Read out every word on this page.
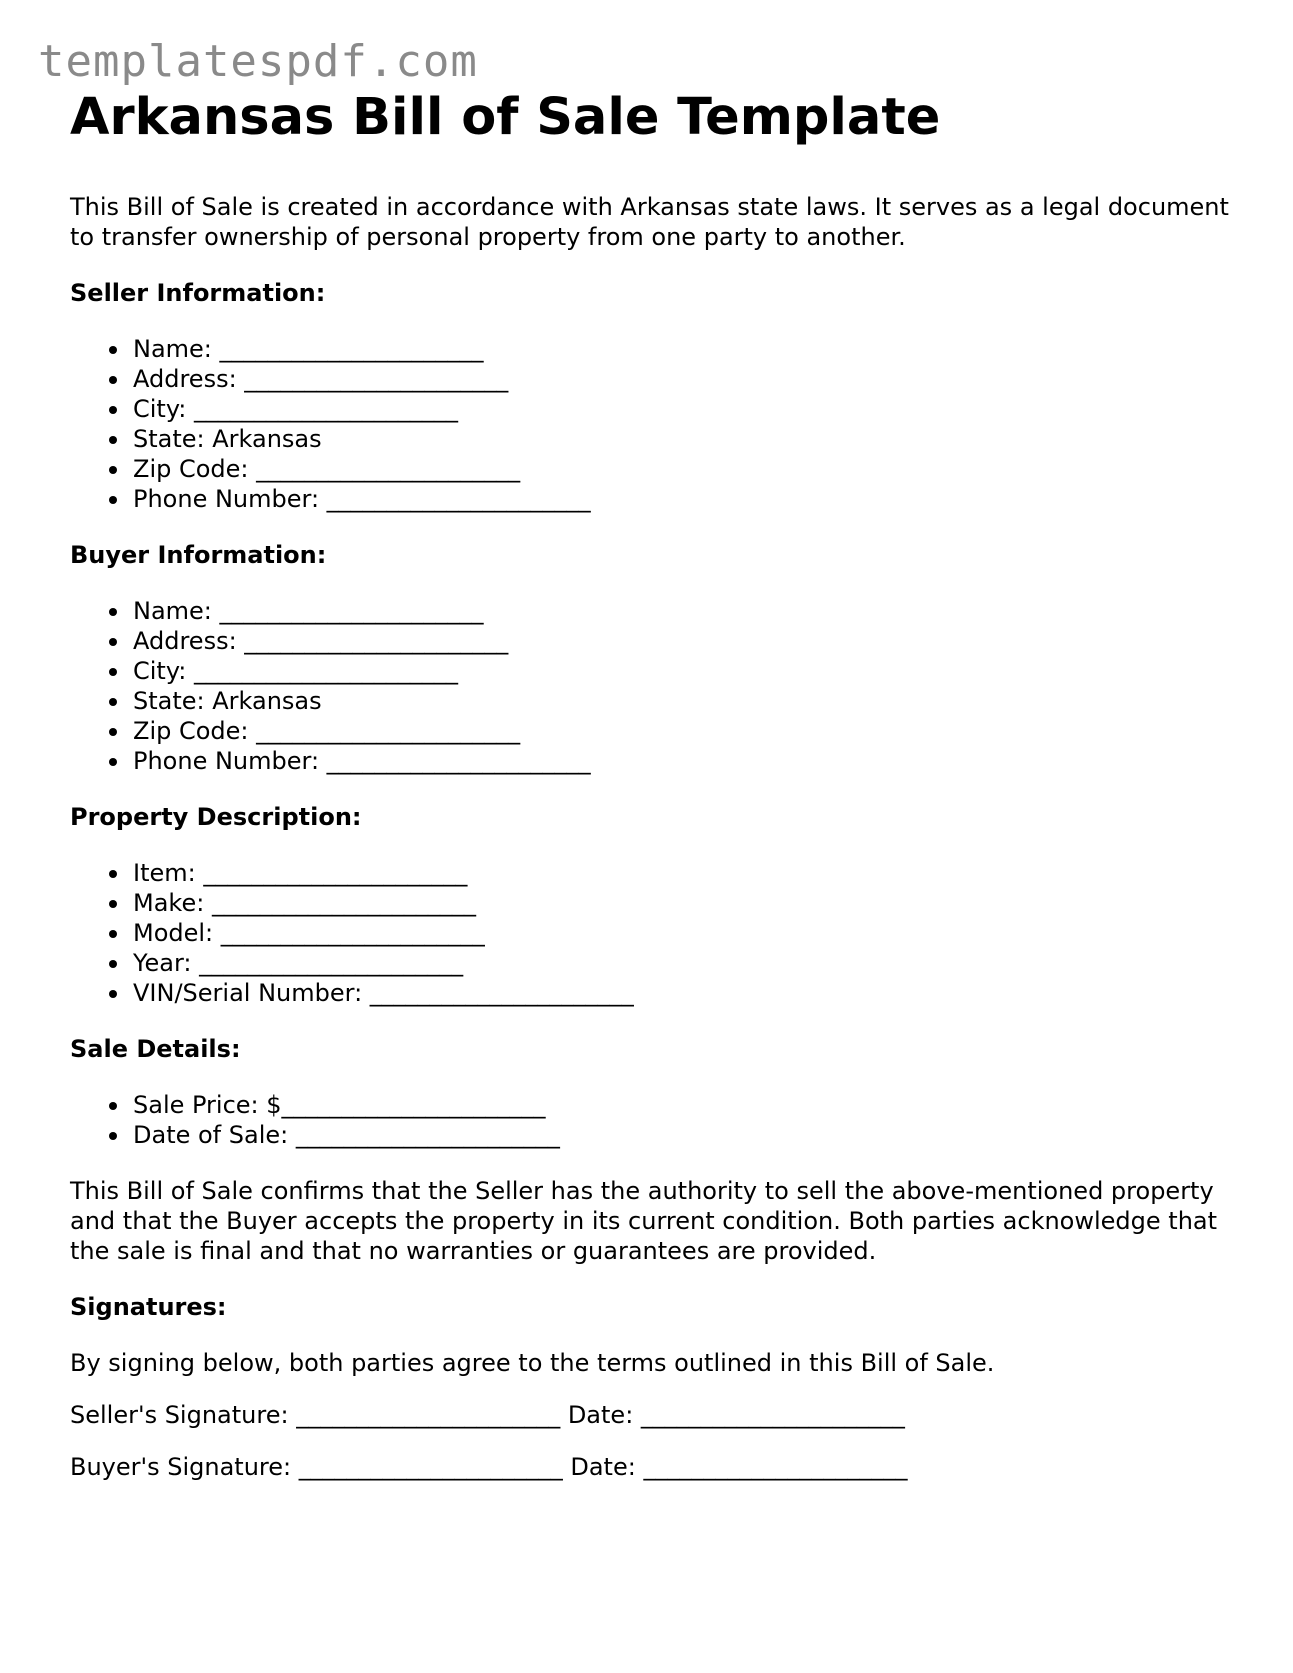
templatespdf.com
Arkansas Bill of Sale Template

This Bill of Sale is created in accordance with Arkansas state laws. It serves as a legal document to transfer ownership of personal property from one party to another.

Seller Information:
Name: ______________________
Address: ______________________
City: ______________________
State: Arkansas
Zip Code: ______________________
Phone Number: ______________________
Buyer Information:
Name: ______________________
Address: ______________________
City: ______________________
State: Arkansas
Zip Code: ______________________
Phone Number: ______________________
Property Description:
Item: ______________________
Make: ______________________
Model: ______________________
Year: ______________________
VIN/Serial Number: ______________________
Sale Details:
Sale Price: $______________________
Date of Sale: ______________________

This Bill of Sale confirms that the Seller has the authority to sell the above-mentioned property and that the Buyer accepts the property in its current condition. Both parties acknowledge that the sale is final and that no warranties or guarantees are provided.

Signatures:

By signing below, both parties agree to the terms outlined in this Bill of Sale.

Seller's Signature: ______________________ Date: ______________________

Buyer's Signature: ______________________ Date: ______________________
